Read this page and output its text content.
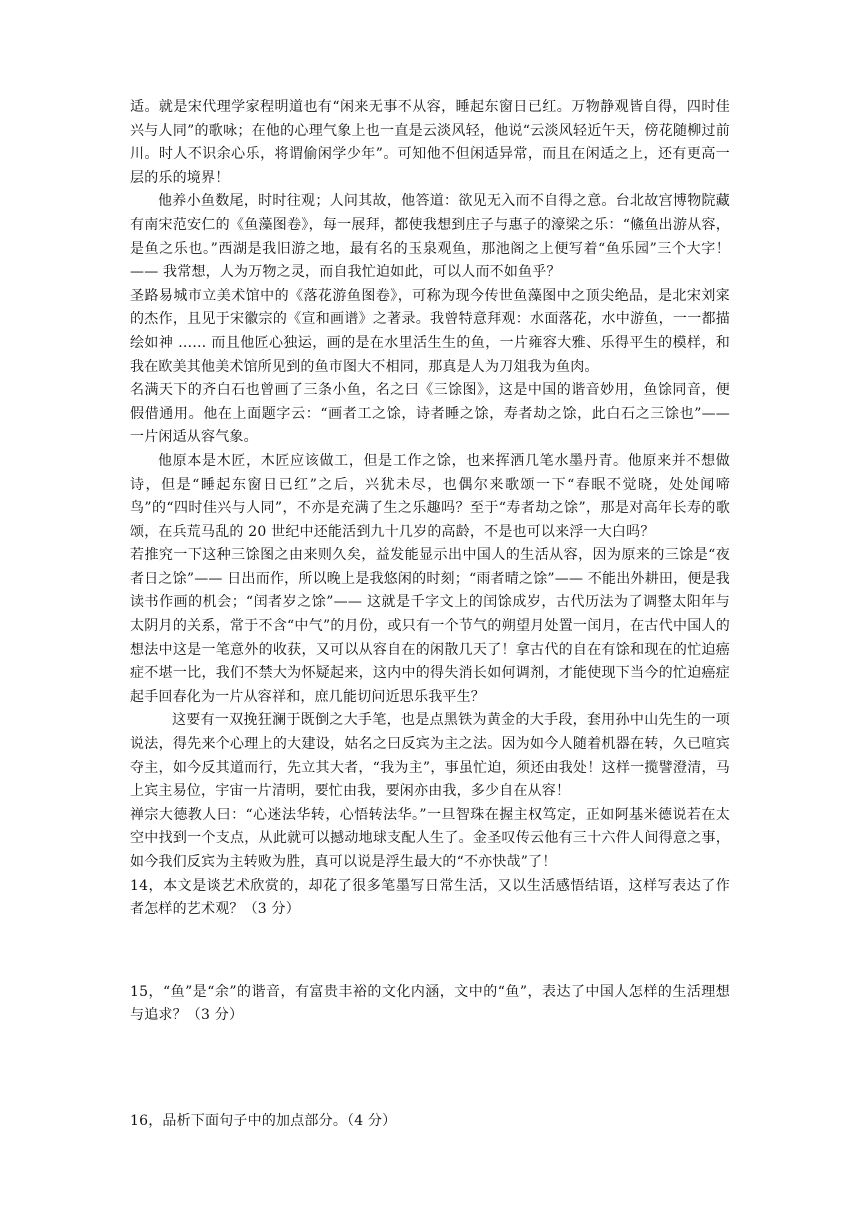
适。就是宋代理学家程明道也有“闲来无事不从容，睡起东窗日已红。万物静观皆自得，四时佳兴与人同”的歌咏；在他的心理气象上也一直是云淡风轻，他说“云淡风轻近午天，傍花随柳过前川。时人不识余心乐，将谓偷闲学少年”。可知他不但闲适异常，而且在闲适之上，还有更高一层的乐的境界！

他养小鱼数尾，时时往观；人问其故，他答道：欲见无入而不自得之意。台北故宫博物院藏有南宋范安仁的《鱼藻图卷》，每一展拜，都使我想到庄子与惠子的濠梁之乐：“鯈鱼出游从容，是鱼之乐也。”西湖是我旧游之地，最有名的玉泉观鱼，那池阁之上便写着“鱼乐园”三个大字！—— 我常想，人为万物之灵，而自我忙迫如此，可以人而不如鱼乎？

圣路易城市立美术馆中的《落花游鱼图卷》，可称为现今传世鱼藻图中之顶尖绝品，是北宋刘寀的杰作，且见于宋徽宗的《宣和画谱》之著录。我曾特意拜观：水面落花，水中游鱼，一一都描绘如神 …… 而且他匠心独运，画的是在水里活生生的鱼，一片雍容大雅、乐得平生的模样，和我在欧美其他美术馆所见到的鱼市图大不相同，那真是人为刀俎我为鱼肉。

名满天下的齐白石也曾画了三条小鱼，名之曰《三馀图》，这是中国的谐音妙用，鱼馀同音，便假借通用。他在上面题字云：“画者工之馀，诗者睡之馀，寿者劫之馀，此白石之三馀也”—— 一片闲适从容气象。

他原本是木匠，木匠应该做工，但是工作之馀，也来挥洒几笔水墨丹青。他原来并不想做诗，但是“睡起东窗日已红”之后，兴犹未尽，也偶尔来歌颂一下“春眠不觉晓，处处闻啼鸟”的“四时佳兴与人同”，不亦是充满了生之乐趣吗？至于“寿者劫之馀”，那是对高年长寿的歌颂，在兵荒马乱的 20 世纪中还能活到九十几岁的高龄，不是也可以来浮一大白吗？

若推究一下这种三馀图之由来则久矣，益发能显示出中国人的生活从容，因为原来的三馀是“夜者日之馀”—— 日出而作，所以晚上是我悠闲的时刻；“雨者晴之馀”—— 不能出外耕田，便是我读书作画的机会；“闰者岁之馀”—— 这就是千字文上的闰馀成岁，古代历法为了调整太阳年与太阴月的关系，常于不含“中气”的月份，或只有一个节气的朔望月处置一闰月，在古代中国人的想法中这是一笔意外的收获，又可以从容自在的闲散几天了！拿古代的自在有馀和现在的忙迫癌症不堪一比，我们不禁大为怀疑起来，这内中的得失消长如何调剂，才能使现下当今的忙迫癌症起手回春化为一片从容祥和，庶几能切问近思乐我平生？

这要有一双挽狂澜于既倒之大手笔，也是点黑铁为黄金的大手段，套用孙中山先生的一项说法，得先来个心理上的大建设，姑名之曰反宾为主之法。因为如今人随着机器在转，久已喧宾夺主，如今反其道而行，先立其大者，“我为主”，事虽忙迫，须还由我处！这样一揽譬澄清，马上宾主易位，宇宙一片清明，要忙由我，要闲亦由我，多少自在从容！

禅宗大德教人曰：“心迷法华转，心悟转法华。”一旦智珠在握主权笃定，正如阿基米德说若在太空中找到一个支点，从此就可以撼动地球支配人生了。金圣叹传云他有三十六件人间得意之事，如今我们反宾为主转败为胜，真可以说是浮生最大的“不亦快哉”了！

14，本文是谈艺术欣赏的，却花了很多笔墨写日常生活，又以生活感悟结语，这样写表达了作者怎样的艺术观？（3 分）

15，“鱼”是“余”的谐音，有富贵丰裕的文化内涵，文中的“鱼”，表达了中国人怎样的生活理想与追求？（3 分）

16，品析下面句子中的加点部分。（4 分）
